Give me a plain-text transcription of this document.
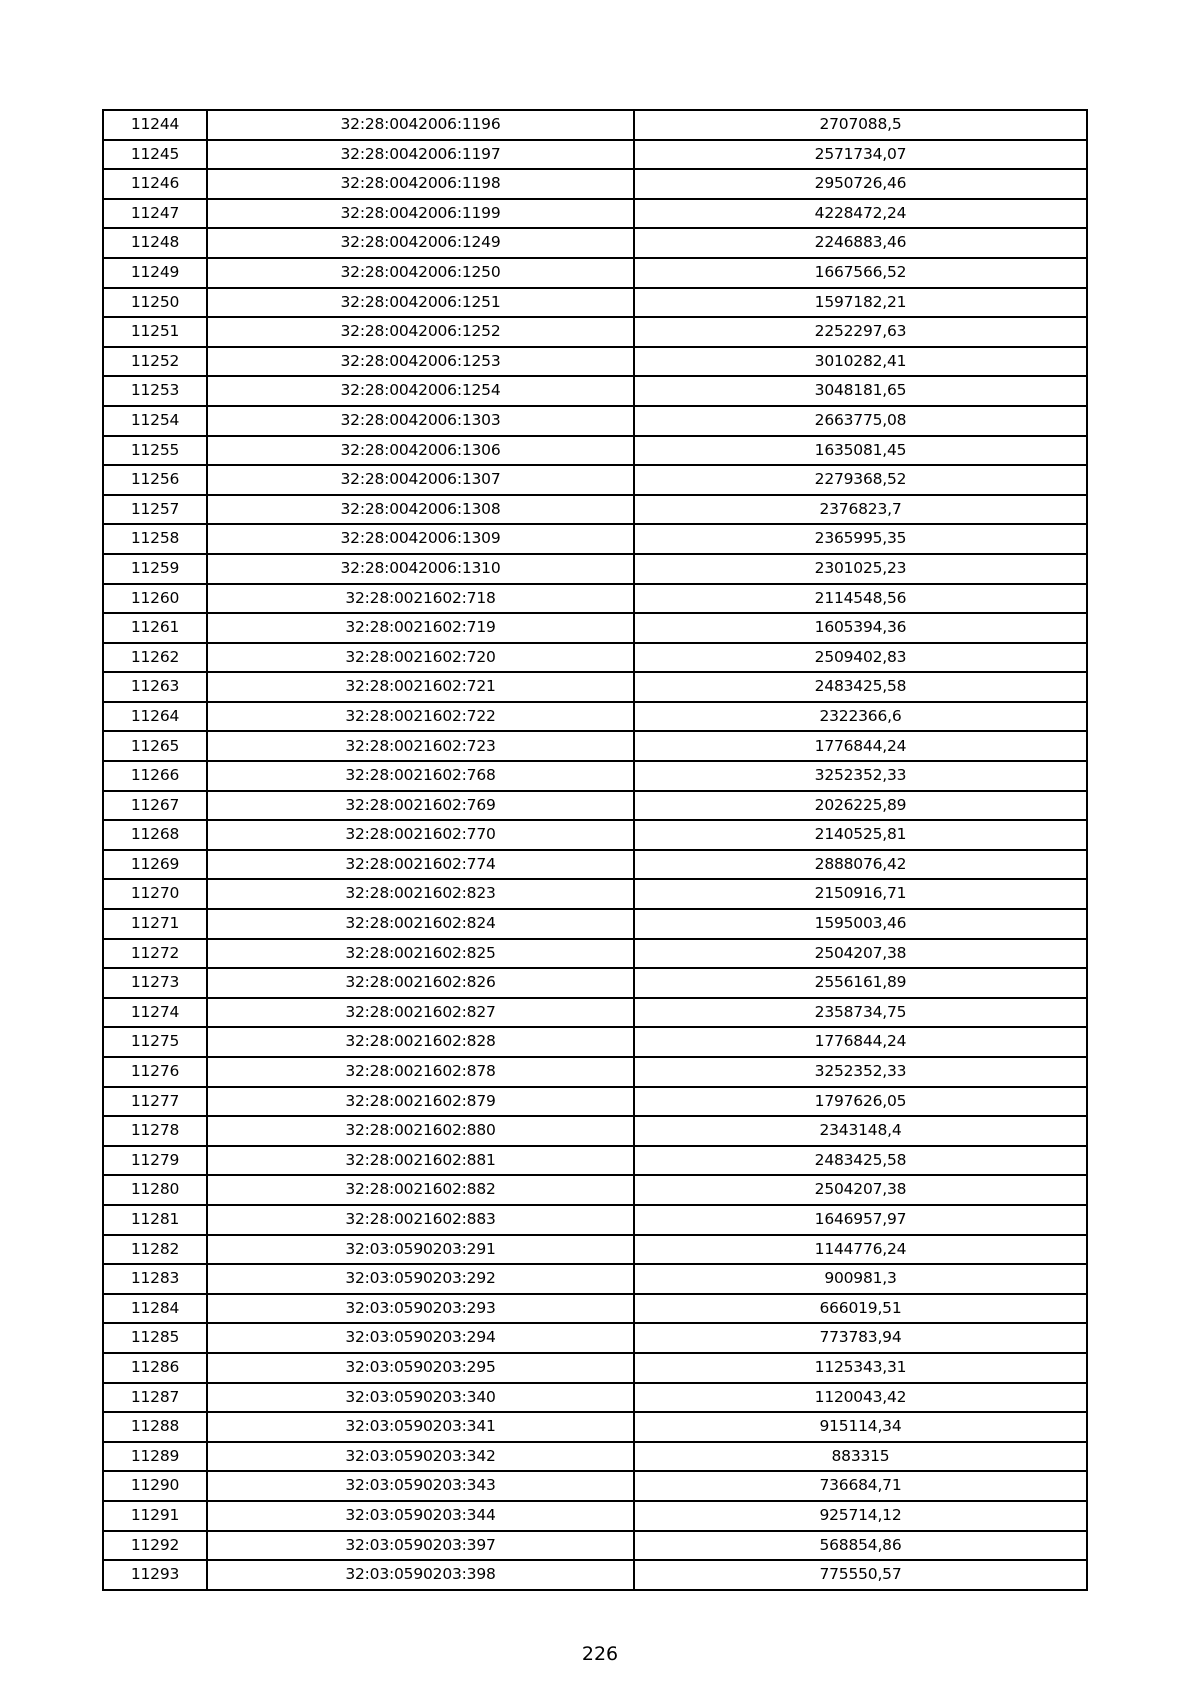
11244	32:28:0042006:1196	2707088,5
11245	32:28:0042006:1197	2571734,07
11246	32:28:0042006:1198	2950726,46
11247	32:28:0042006:1199	4228472,24
11248	32:28:0042006:1249	2246883,46
11249	32:28:0042006:1250	1667566,52
11250	32:28:0042006:1251	1597182,21
11251	32:28:0042006:1252	2252297,63
11252	32:28:0042006:1253	3010282,41
11253	32:28:0042006:1254	3048181,65
11254	32:28:0042006:1303	2663775,08
11255	32:28:0042006:1306	1635081,45
11256	32:28:0042006:1307	2279368,52
11257	32:28:0042006:1308	2376823,7
11258	32:28:0042006:1309	2365995,35
11259	32:28:0042006:1310	2301025,23
11260	32:28:0021602:718	2114548,56
11261	32:28:0021602:719	1605394,36
11262	32:28:0021602:720	2509402,83
11263	32:28:0021602:721	2483425,58
11264	32:28:0021602:722	2322366,6
11265	32:28:0021602:723	1776844,24
11266	32:28:0021602:768	3252352,33
11267	32:28:0021602:769	2026225,89
11268	32:28:0021602:770	2140525,81
11269	32:28:0021602:774	2888076,42
11270	32:28:0021602:823	2150916,71
11271	32:28:0021602:824	1595003,46
11272	32:28:0021602:825	2504207,38
11273	32:28:0021602:826	2556161,89
11274	32:28:0021602:827	2358734,75
11275	32:28:0021602:828	1776844,24
11276	32:28:0021602:878	3252352,33
11277	32:28:0021602:879	1797626,05
11278	32:28:0021602:880	2343148,4
11279	32:28:0021602:881	2483425,58
11280	32:28:0021602:882	2504207,38
11281	32:28:0021602:883	1646957,97
11282	32:03:0590203:291	1144776,24
11283	32:03:0590203:292	900981,3
11284	32:03:0590203:293	666019,51
11285	32:03:0590203:294	773783,94
11286	32:03:0590203:295	1125343,31
11287	32:03:0590203:340	1120043,42
11288	32:03:0590203:341	915114,34
11289	32:03:0590203:342	883315
11290	32:03:0590203:343	736684,71
11291	32:03:0590203:344	925714,12
11292	32:03:0590203:397	568854,86
11293	32:03:0590203:398	775550,57
226
